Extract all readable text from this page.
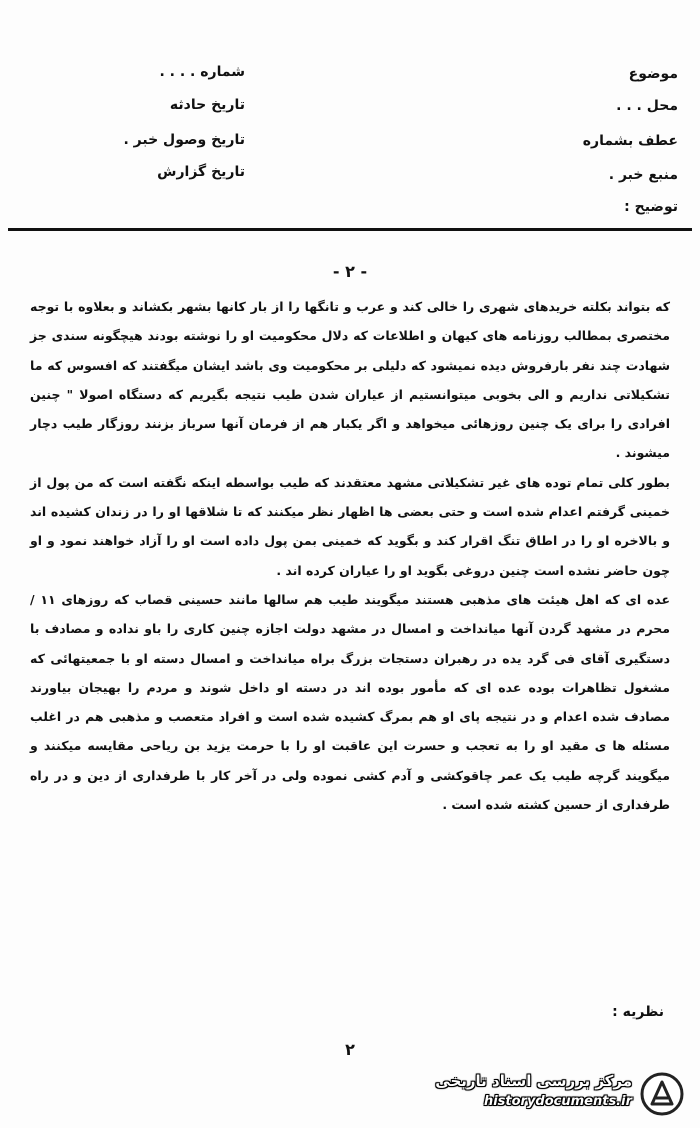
موضوع
محل . . .
عطف بشماره
منبع خبر .
توضیح :
شماره . . . .
تاریخ حادثه
تاریخ وصول خبر .
تاریخ گزارش
- ۲ -

که بتواند بکلته خریدهای شهری را خالی کند و عرب و تانگها را از بار کانها بشهر بکشاند و بعلاوه با توجه مختصری بمطالب روزنامه های کیهان و اطلاعات که دلال محکومیت او را نوشته بودند هیچگونه سندی جز شهادت چند نفر بارفروش دیده نمیشود که دلیلی بر محکومیت وی باشد ایشان میگفتند که افسوس که ما تشکیلاتی نداریم و الی بخوبی میتوانستیم از عیاران شدن طیب نتیجه بگیریم که دستگاه اصولا " چنین افرادی را برای یک چنین روزهائی میخواهد و اگر یکبار هم از فرمان آنها سرباز بزنند روزگار طیب دچار میشوند .

بطور کلی تمام توده های غیر تشکیلاتی مشهد معتقدند که طیب بواسطه اینکه نگفته است که من پول از خمینی گرفتم اعدام شده است و حتی بعضی ها اظهار نظر میکنند که تا شلاقها او را در زندان کشیده اند و بالاخره او را در اطاق تنگ اقرار کند و بگوید که خمینی بمن پول داده است او را آزاد خواهند نمود و او چون حاضر نشده است چنین دروغی بگوید او را عیاران کرده اند .

عده ای که اهل هیئت های مذهبی هستند میگویند طیب هم سالها مانند حسینی قصاب که روزهای ۱۱ / محرم در مشهد گردن آنها میانداخت و امسال در مشهد دولت اجازه چنین کاری را باو نداده و مصادف با دستگیری آقای فی گرد یده در رهبران دستجات بزرگ براه میانداخت و امسال دسته او با جمعیتهائی که مشغول تظاهرات بوده عده ای که مأمور بوده اند در دسته او داخل شوند و مردم را بهیجان بیاورند مصادف شده اعدام و در نتیجه پای او هم بمرگ کشیده شده است و افراد متعصب و مذهبی هم در اغلب مسئله ها ی مقید او را به تعجب و حسرت این عاقبت او را با حرمت یزید بن ریاحی مقایسه میکنند و میگویند گرچه طیب یک عمر چاقوکشی و آدم کشی نموده ولی در آخر کار با طرفداری از دین و در راه طرفداری از حسین کشته شده است .

نظریه :
۲
مرکز بررسی اسناد تاریخی
historydocuments.ir
